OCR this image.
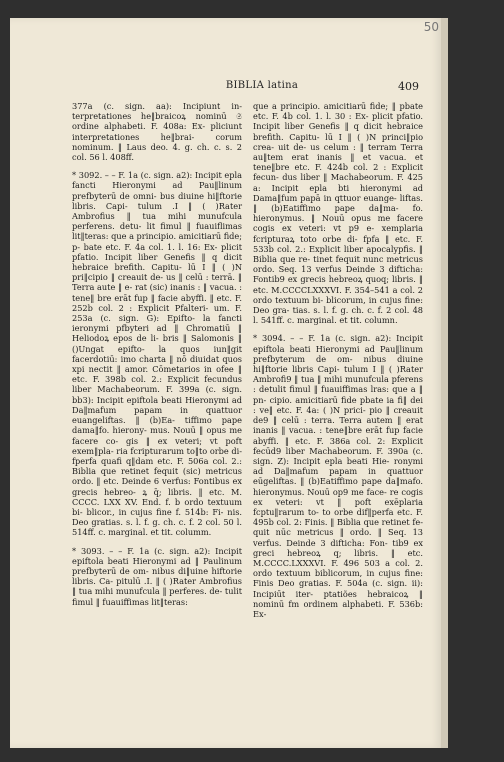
50
BIBLIA latina	409

377a (c. sign. aa): Incipiunt in‑ terpretationes he‖braicoꝝ nominū 𝔖 ordine alphabeti. F. 408a: Ex‑ pliciunt interpretationes he‖brai‑ corum nominum. ‖ Laus deo. 4. g. ch. c. s. 2 col. 56 l. 408ff.

* 3092. – – F. 1a (c. sign. a2): Incipit epla fancti Hieronymi ad Pau‖linum prefbyterū de omni‑ bus diuine hi‖ftorie libris. Capi‑ tulum .I ‖ ( )Rater Ambrofius ‖ tua mihi munufcula perferens. detu‑ lit fimul ‖ fuauiflimas lit‖teras: que a principio. amicitiarū fide; p‑ bate etc. F. 4a col. 1. l. 16: Ex‑ plicit pfatio. Incipit liber Genefis ‖ q dicit hebraice brefith. Capitu‑ lū I ‖ ( )N pri‖cipio ‖ creauit de‑ us ‖ celū : terrā. ‖ Terra aute ‖ e‑ rat (sic) inanis : ‖ vacua. : tene‖ bre erāt fup ‖ facie abyffi. ‖ etc. F. 252b col. 2 : Explicit Pfalteri‑ um. F. 253a (c. sign. G): Epifto‑ la fancti ieronymi pfbyteri ad ‖ Chromatiū ‖ Heliodoꝝ epos de li‑ bris ‖ Salomonis ‖ ()Ungat epifto‑ la quos iun‖git facerdotiū: imo charta ‖ nō diuidat quos xpi nectit ‖ amor. Cōmetarios in ofee ‖ etc. F. 398b col. 2.: Explicit fecundus liber Machabeorum. F. 399a (c. sign. bb3): Incipit epiftola beati Hieronymi ad Da‖mafum papam in quattuor euangeliftas. ‖ (b)Ea‑ tiffimo pape dama‖fo. hierony‑ mus. Nouū ‖ opus me facere co‑ gis ‖ ex veteri; vt poft exem‖pla‑ ria fcripturarum to‖to orbe di‑ fperfa quafi q‖dam etc. F. 506a col. 2.: Biblia que retinet fequit (sic) metricus ordo. ‖ etc. Deinde 6 verfus: Fontibus ex grecis hebreo‑ ꝝ q̄; libris. ‖ etc. M. CCCC. LXX XV. End. f. b ordo textuum bi‑ blicor., in cujus fine f. 514b: Fi‑ nis. Deo gratias. s. l. f. g. ch. c. f. 2 col. 50 l. 514ff. c. marginal. et tit. columm.

* 3093. – – F. 1a (c. sign. a2): Incipit epiftola beati Hieronymi ad ‖ Paulinum prefbyterū de om‑ nibus di‖uine hiftorie libris. Ca‑ pitulū .I. ‖ ( )Rater Ambrofius ‖ tua mihi munufcula ‖ perferes. de‑ tulit fimul ‖ fuauiffimas lit‖teras:

que a principio. amicitiarū fide; ‖ pbate etc. F. 4b col. 1. l. 30 : Ex‑ plicit pfatio. Incipit liber Genefis ‖ q dicit hebraice brefith. Capitu‑ lū I ‖ ( )N princi‖pio crea‑ uit de‑ us celum : ‖ terram Terra au‖tem erat inanis ‖ et vacua. et tene‖bre etc. F. 424b col. 2 : Explicit fecun‑ dus liber ‖ Machabeorum. F. 425 a: Incipit epla bti hieronymi ad Dama‖fum papā in qttuor euange‑ liftas. ‖ (b)Eatiffimo pape da‖ma‑ fo. hieronymus. ‖ Nouū opus me facere cogis ex veteri: vt p9 e‑ xemplaria fcripturaꝝ toto orbe di‑ fpfa ‖ etc. F. 533b col. 2.: Explicit liber apocalypfis. ‖ Biblia que re‑ tinet fequit nunc metricus ordo. Seq. 13 verfus Deinde 3 difticha: Fontib9 ex grecis hebreoꝝ quoq; libris. ‖ etc. M.CCCCLXXXVI. F. 354–541 a col. 2 ordo textuum bi‑ blicorum, in cujus fine: Deo gra‑ tias. s. l. f. g. ch. c. f. 2 col. 48 l. 541ff. c. marginal. et tit. column.

* 3094. – – F. 1a (c. sign. a2): Incipit epiftola beati Hieronymi ad Pau‖linum prefbyterum de om‑ nibus diuine hi‖ftorie libris Capi‑ tulum I ‖ ( )Rater Ambrofi9 ‖ tua ‖ mihi munufcula pferens : detulit fimul ‖ fuauiffimas lras: que a ‖ pn‑ cipio. amicitiarū fide pbate ia fi‖ dei : ve‖ etc. F. 4a: ( )N prici‑ pio ‖ creauit de9 ‖ celū : terra. Terra autem ‖ erat inanis ‖ vacua. : tene‖bre erāt fup facie abyffi. ‖ etc. F. 386a col. 2: Explicit fecūd9 liber Machabeorum. F. 390a (c. sign. Z): Incipit epla beati Hie‑ ronymi ad Da‖mafum papam in quattuor eūgeliftas. ‖ (b)Eatiffimo pape da‖mafo. hieronymus. Nouū op9 me face‑ re cogis ex veteri: vt ‖ poft exēplaria fcptu‖rarum to‑ to orbe dif‖perfa etc. F. 495b col. 2: Finis. ‖ Biblia que retinet fe‑ quit nūc metricus ‖ ordo. ‖ Seq. 13 verfus. Deinde 3 difticha: Fon‑ tib9 ex greci hebreoꝝ q; libris. ‖ etc. M.CCCC.LXXXVI. F. 496 503 a col. 2. ordo textuum biblicorum, in cujus fine: Finis Deo gratias. F. 504a (c. sign. ii): Incipiūt iter‑ ptatiões hebraicoꝝ ‖ nominū fm ordinem alphabeti. F. 536b: Ex‑
